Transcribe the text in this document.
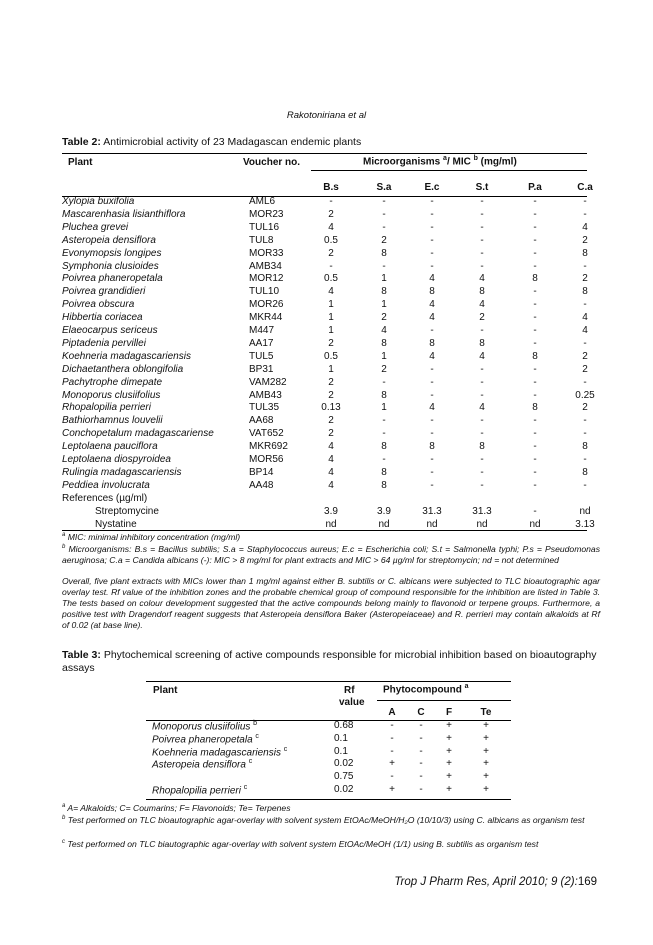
Rakotoniriana et al
Table 2: Antimicrobial activity of 23 Madagascan endemic plants
Plant	Voucher no.	Microorganisms $^a$/ MIC $^b$ (mg/ml)
B.s	S.a	E.c	S.t	P.a	C.a
Xylopia buxifolia	AML6	-	-	-	-	-	-
Mascarenhasia lisianthiflora	MOR23	2	-	-	-	-	-
Pluchea grevei	TUL16	4	-	-	-	-	4
Asteropeia densiflora	TUL8	0.5	2	-	-	-	2
Evonymopsis longipes	MOR33	2	8	-	-	-	8
Symphonia clusioides	AMB34	-	-	-	-	-	-
Poivrea phaneropetala	MOR12	0.5	1	4	4	8	2
Poivrea grandidieri	TUL10	4	8	8	8	-	8
Poivrea obscura	MOR26	1	1	4	4	-	-
Hibbertia coriacea	MKR44	1	2	4	2	-	4
Elaeocarpus sericeus	M447	1	4	-	-	-	4
Piptadenia pervillei	AA17	2	8	8	8	-	-
Koehneria madagascariensis	TUL5	0.5	1	4	4	8	2
Dichaetanthera oblongifolia	BP31	1	2	-	-	-	2
Pachytrophe dimepate	VAM282	2	-	-	-	-	-
Monoporus clusiifolius	AMB43	2	8	-	-	-	0.25
Rhopalopilia perrieri	TUL35	0.13	1	4	4	8	2
Bathiorhamnus louvelii	AA68	2	-	-	-	-	-
Conchopetalum madagascariense	VAT652	2	-	-	-	-	-
Leptolaena pauciflora	MKR692	4	8	8	8	-	8
Leptolaena diospyroidea	MOR56	4	-	-	-	-	-
Rulingia madagascariensis	BP14	4	8	-	-	-	8
Peddiea involucrata	AA48	4	8	-	-	-	-
References (µg/ml)
Streptomycine	3.9	3.9	31.3	31.3	-	nd
Nystatine	nd	nd	nd	nd	nd	3.13
$^a$ MIC: minimal inhibitory concentration (mg/ml)
$^b$ Microorganisms: B.s = Bacillus subtilis; S.a = Staphylococcus aureus; E.c = Escherichia coli; S.t = Salmonella typhi; P.s = Pseudomonas aeruginosa; C.a = Candida albicans (-): MIC > 8 mg/ml for plant extracts and MIC > 64 µg/ml for streptomycin; nd = not determined
Overall, five plant extracts with MICs lower than 1 mg/ml against either B. subtilis or C. albicans were subjected to TLC bioautographic agar overlay test. Rf value of the inhibition zones and the probable chemical group of compound responsible for the inhibition are listed in Table 3. The tests based on colour development suggested that the active compounds belong mainly to flavonoid or terpene groups. Furthermore, a positive test with Dragendorf reagent suggests that Asteropeia densiflora Baker (Asteropeiaceae) and R. perrieri may contain alkaloids at Rf of 0.02 (at base line).
Table 3: Phytochemical screening of active compounds responsible for microbial inhibition based on bioautography assays
Plant	Rf
value
Phytocompound $^a$
A	C	F	Te
Monoporus clusiifolius $^b$	0.68	-	-	+	+
Poivrea phaneropetala $^c$	0.1	-	-	+	+
Koehneria madagascariensis $^c$	0.1	-	-	+	+
Asteropeia densiflora $^c$	0.02	+	-	+	+
0.75	-	-	+	+
Rhopalopilia perrieri $^c$	0.02	+	-	+	+
$^a$ A= Alkaloids; C= Coumarins; F= Flavonoids; Te= Terpenes
$^b$ Test performed on TLC bioautographic agar-overlay with solvent system EtOAc/MeOH/H₂O (10/10/3) using C. albicans as organism test
$^c$ Test performed on TLC biautographic agar-overlay with solvent system EtOAc/MeOH (1/1) using B. subtilis as organism test
Trop J Pharm Res, April 2010; 9 (2):169
